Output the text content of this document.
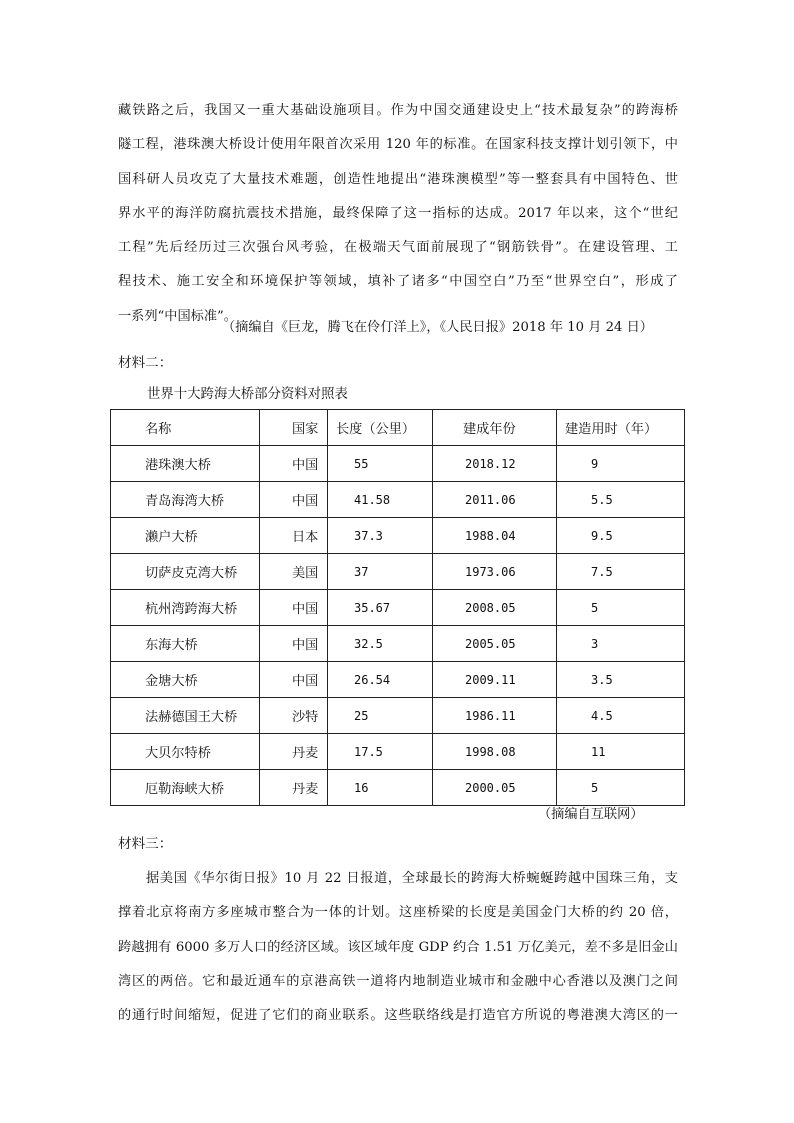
藏铁路之后，我国又一重大基础设施项目。作为中国交通建设史上“技术最复杂”的跨海桥
隧工程，港珠澳大桥设计使用年限首次采用 120 年的标准。在国家科技支撑计划引领下，中
国科研人员攻克了大量技术难题，创造性地提出“港珠澳模型”等一整套具有中国特色、世
界水平的海洋防腐抗震技术措施，最终保障了这一指标的达成。2017 年以来，这个“世纪
工程”先后经历过三次强台风考验，在极端天气面前展现了“钢筋铁骨”。在建设管理、工
程技术、施工安全和环境保护等领域，填补了诸多“中国空白”乃至“世界空白”，形成了
一系列“中国标准”。
（摘编自《巨龙，腾飞在伶仃洋上》，《人民日报》2018 年 10 月 24 日）
材料二：
世界十大跨海大桥部分资料对照表
名称	国家	长度（公里）	建成年份	建造用时（年）
港珠澳大桥	中国	55	2018.12	9
青岛海湾大桥	中国	41.58	2011.06	5.5
濑户大桥	日本	37.3	1988.04	9.5
切萨皮克湾大桥	美国	37	1973.06	7.5
杭州湾跨海大桥	中国	35.67	2008.05	5
东海大桥	中国	32.5	2005.05	3
金塘大桥	中国	26.54	2009.11	3.5
法赫德国王大桥	沙特	25	1986.11	4.5
大贝尔特桥	丹麦	17.5	1998.08	11
厄勒海峡大桥	丹麦	16	2000.05	5
（摘编自互联网）
材料三：
据美国《华尔街日报》10 月 22 日报道，全球最长的跨海大桥蜿蜒跨越中国珠三角，支
撑着北京将南方多座城市整合为一体的计划。这座桥梁的长度是美国金门大桥的约 20 倍，
跨越拥有 6000 多万人口的经济区域。该区域年度 GDP 约合 1.51 万亿美元，差不多是旧金山
湾区的两倍。它和最近通车的京港高铁一道将内地制造业城市和金融中心香港以及澳门之间
的通行时间缩短，促进了它们的商业联系。这些联络线是打造官方所说的粤港澳大湾区的一
